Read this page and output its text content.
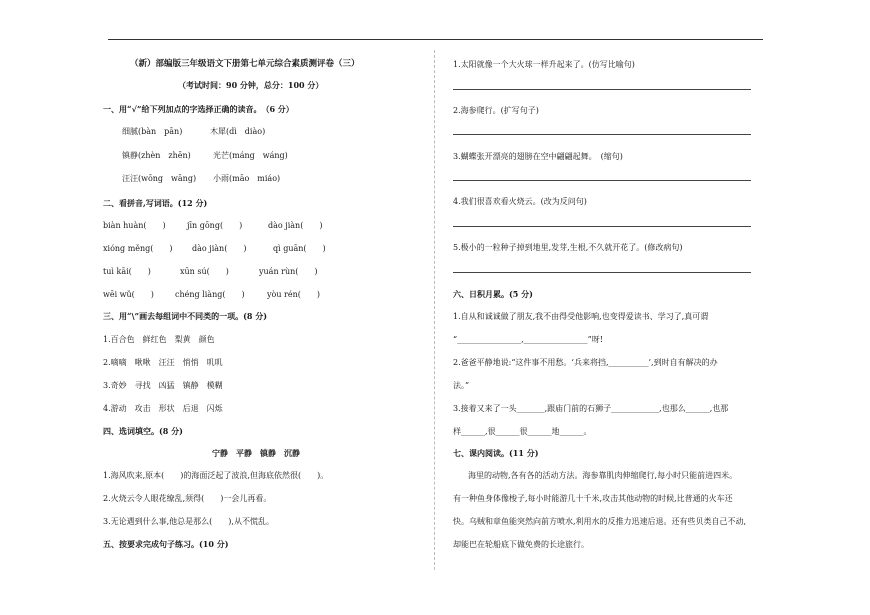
（新）部编版三年级语文下册第七单元综合素质测评卷（三）
（考试时间：90 分钟，总分：100 分）
一、用“√”给下列加点的字选择正确的读音。　（6 分）
细腻(bàn　pān)	木犀(dì　diào)
镇静(zhèn　zhēn)	光芒(máng　wáng)
汪汪(wōng　wāng) 小雨(māo　miáo)
二、看拼音,写词语。(12 分)
biàn huàn(　　)	jīn gōng(　　)	dào jiàn(　　)
xióng měng(　　) dào jiàn(　　)	qì guān(　　)
tuì kāi(　　)	xūn sú(　　)	yuán rùn(　　)
wēi wǔ(　　)	chéng liàng(　　)	yòu rén(　　)
三、用“\”画去每组词中不同类的一项。(8 分)
1.百合色　鲜红色　梨黄　颜色
2.嘀嘀　啾啾　汪汪　悄悄　叽叽
3.奇妙　寻找　凶猛　镇静　模糊
4.游动　攻击　形状　后退　闪烁
四、选词填空。(8 分)
宁静　平静　镇静　沉静
1.海风吹来,原本(　　)的海面泛起了波浪,但海底依然很(　　)。
2.火烧云令人眼花缭乱,须得(　　)一会儿再看。
3.无论遇到什么事,他总是那么(　　),从不慌乱。
五、按要求完成句子练习。(10 分)
1.太阳就像一个大火球一样升起来了。(仿写比喻句)
2.海参爬行。(扩写句子)
3.蝴蝶张开漂亮的翅膀在空中翩翩起舞。　(缩句)
4.我们很喜欢看火烧云。(改为反问句)
5.极小的一粒种子掉到地里,发芽,生根,不久就开花了。(修改病句)
六、日积月累。(5 分)
1.自从和诚诚做了朋友,我不由得受他影响,也变得爱读书、学习了,真可谓
“________________,________________”呀!
2.爸爸平静地说:“这件事不用愁。‘兵来将挡,__________’,到时自有解决的办
法。”
3.接着又来了一头_______,跟庙门前的石狮子____________,也那么______,也那
样______,很______很______地______。
七、课内阅读。(11 分)
海里的动物,各有各的活动方法。海参靠肌肉伸缩爬行,每小时只能前进四米。
有一种鱼身体像梭子,每小时能游几十千米,攻击其他动物的时候,比普通的火车还
快。乌贼和章鱼能突然向前方喷水,利用水的反推力迅速后退。还有些贝类自己不动,
却能巴在轮船底下做免费的长途旅行。
